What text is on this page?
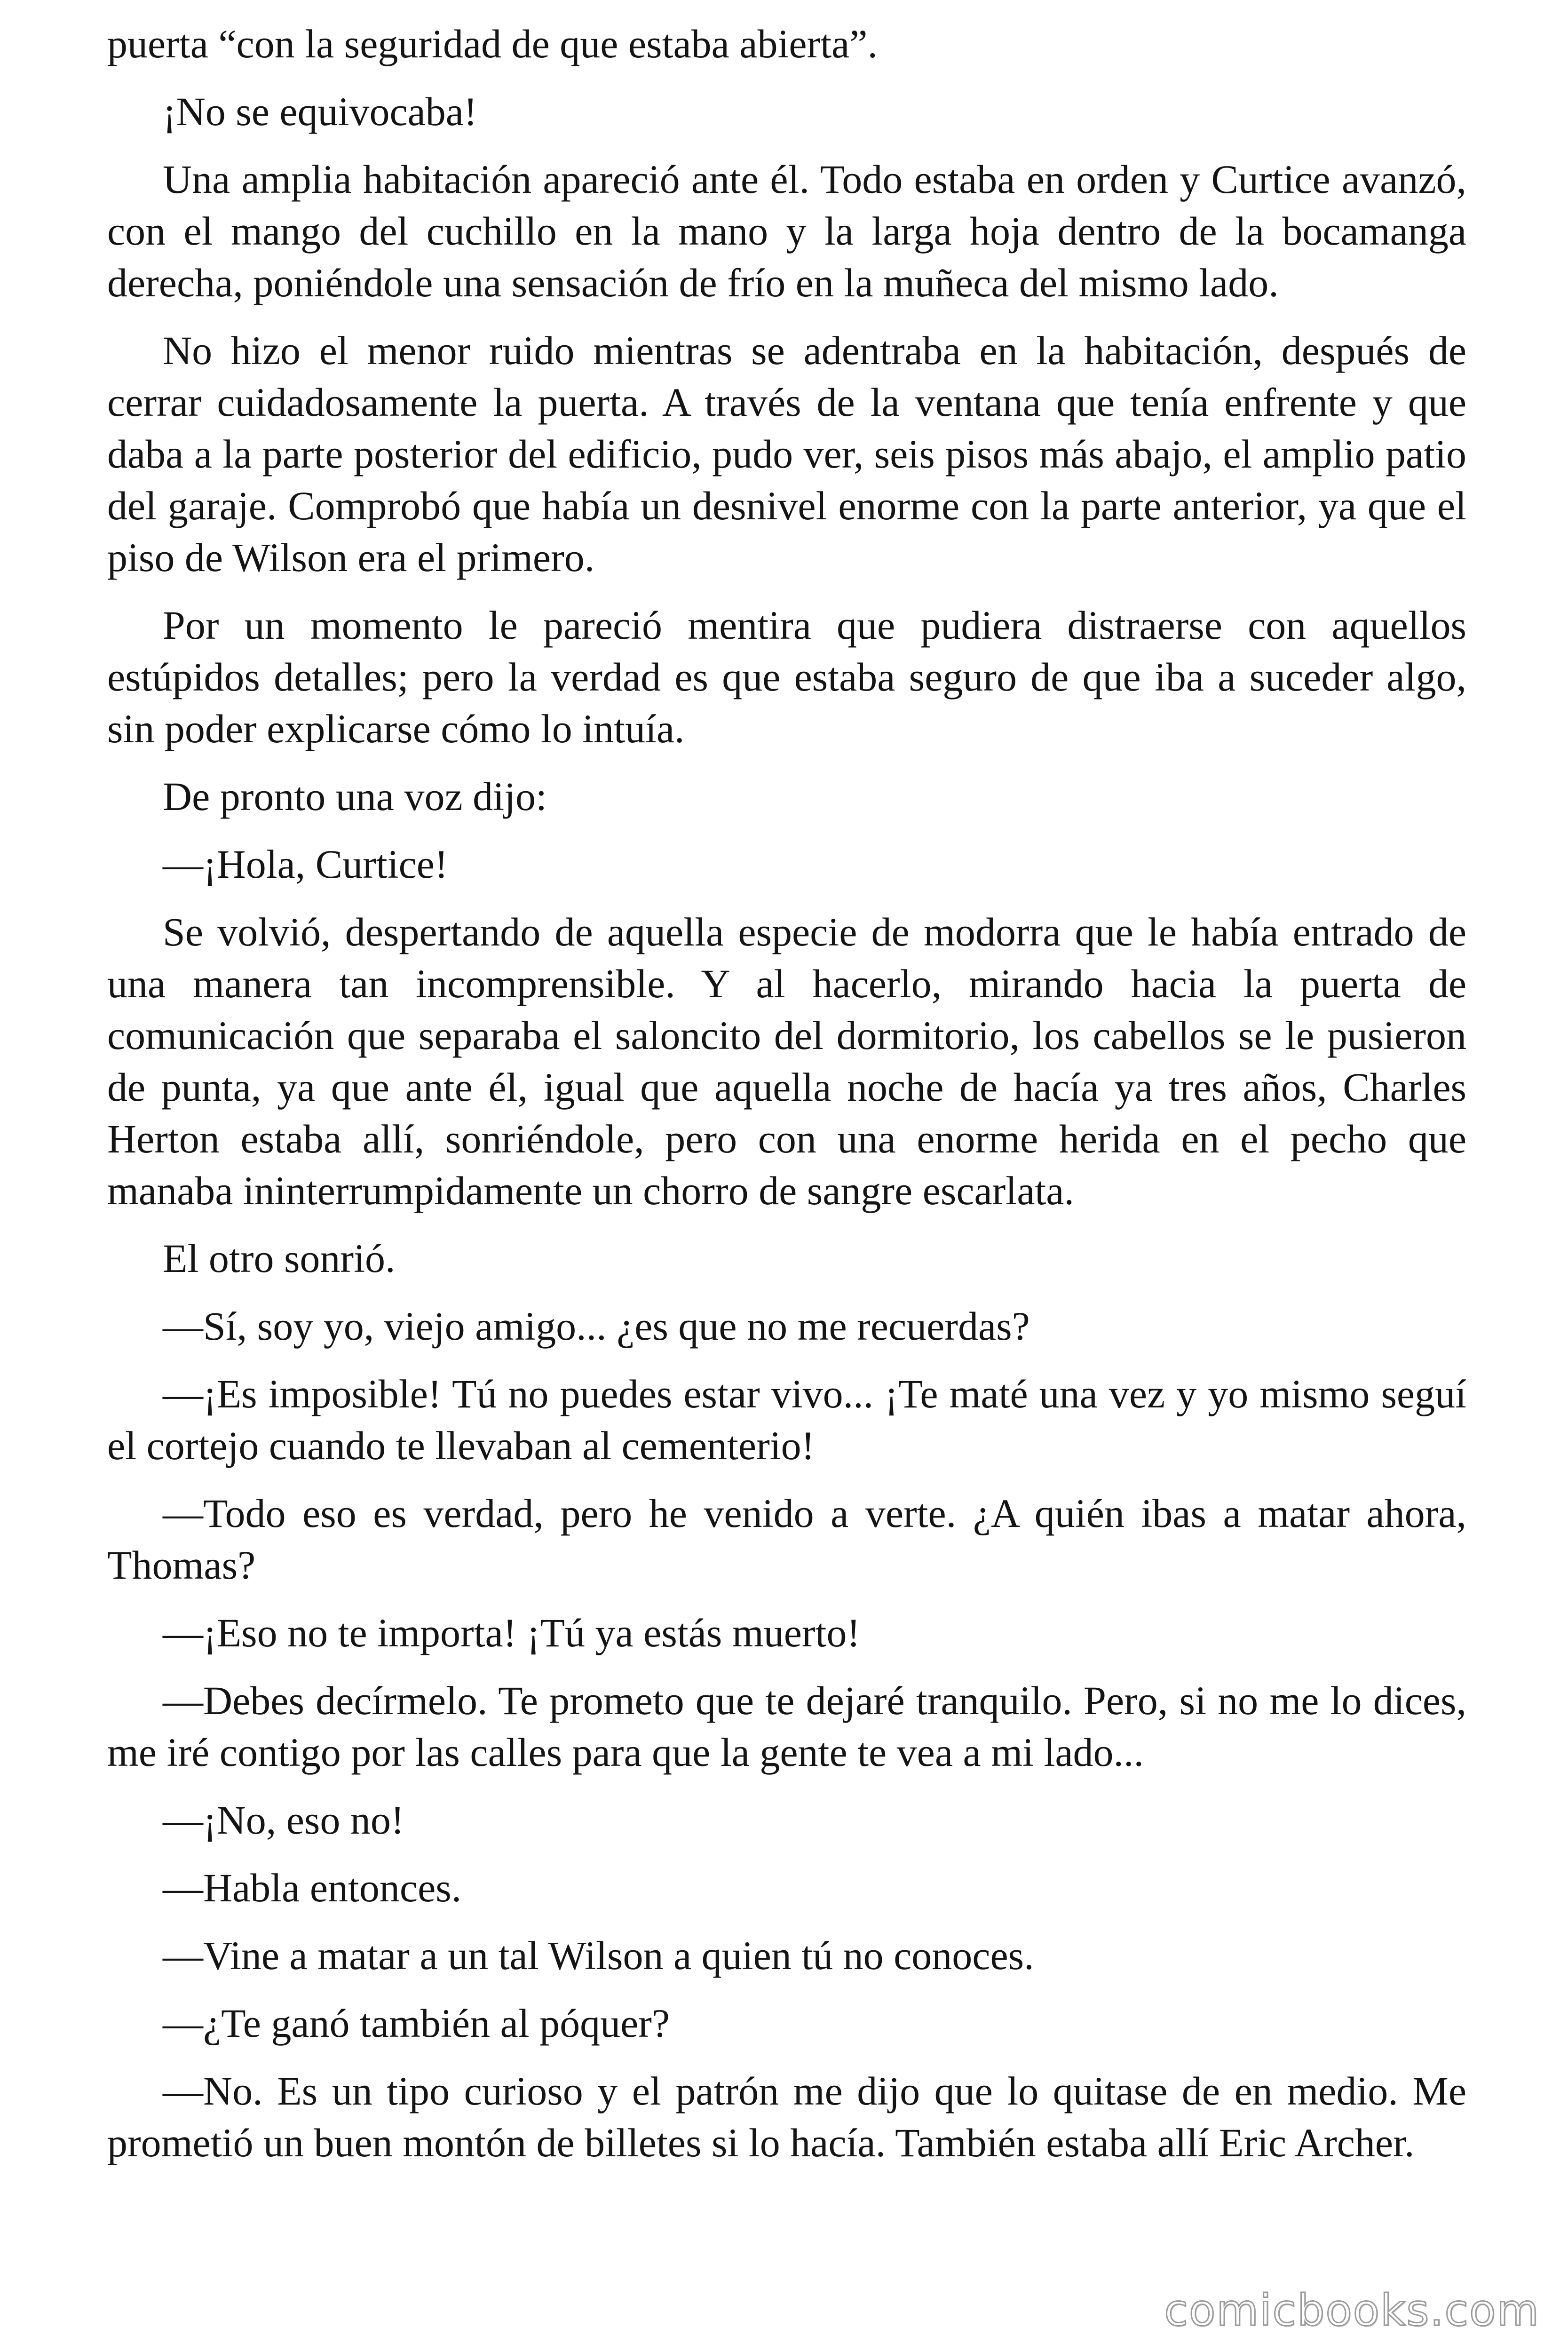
puerta “con la seguridad de que estaba abierta”.

¡No se equivocaba!

Una amplia habitación apareció ante él. Todo estaba en orden y Curtice avanzó, con el mango del cuchillo en la mano y la larga hoja dentro de la bocamanga derecha, poniéndole una sensación de frío en la muñeca del mismo lado.

No hizo el menor ruido mientras se adentraba en la habitación, después de cerrar cuidadosamente la puerta. A través de la ventana que tenía enfrente y que daba a la parte posterior del edificio, pudo ver, seis pisos más abajo, el amplio patio del garaje. Comprobó que había un desnivel enorme con la parte anterior, ya que el piso de Wilson era el primero.

Por un momento le pareció mentira que pudiera distraerse con aquellos estúpidos detalles; pero la verdad es que estaba seguro de que iba a suceder algo, sin poder explicarse cómo lo intuía.

De pronto una voz dijo:

—¡Hola, Curtice!

Se volvió, despertando de aquella especie de modorra que le había entrado de una manera tan incomprensible. Y al hacerlo, mirando hacia la puerta de comunicación que separaba el saloncito del dormitorio, los cabellos se le pusieron de punta, ya que ante él, igual que aquella noche de hacía ya tres años, Charles Herton estaba allí, sonriéndole, pero con una enorme herida en el pecho que manaba ininterrumpidamente un chorro de sangre escarlata.

El otro sonrió.

—Sí, soy yo, viejo amigo... ¿es que no me recuerdas?

—¡Es imposible! Tú no puedes estar vivo... ¡Te maté una vez y yo mismo seguí el cortejo cuando te llevaban al cementerio!

—Todo eso es verdad, pero he venido a verte. ¿A quién ibas a matar ahora, Thomas?

—¡Eso no te importa! ¡Tú ya estás muerto!

—Debes decírmelo. Te prometo que te dejaré tranquilo. Pero, si no me lo dices, me iré contigo por las calles para que la gente te vea a mi lado...

—¡No, eso no!

—Habla entonces.

—Vine a matar a un tal Wilson a quien tú no conoces.

—¿Te ganó también al póquer?

—No. Es un tipo curioso y el patrón me dijo que lo quitase de en medio. Me prometió un buen montón de billetes si lo hacía. También estaba allí Eric Archer.

comicbooks.com
